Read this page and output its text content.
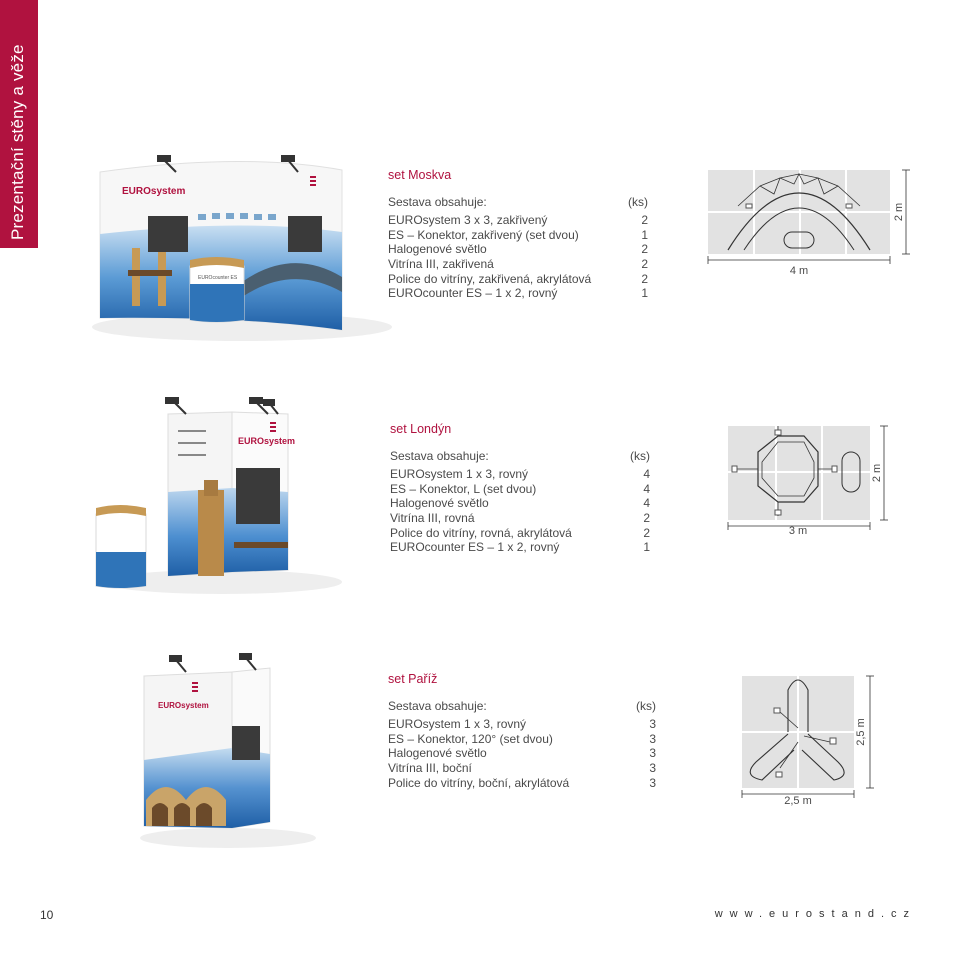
Prezentační stěny a věže	EUROsystem
EUROcounter ES
set Moskva
Sestava obsahuje:	(ks)
EUROsystem 3 x 3, zakřivený	2
ES – Konektor, zakřivený (set dvou)	1
Halogenové světlo	2
Vitrína III, zakřivená	2
Police do vitríny, zakřivená, akrylátová	2
EUROcounter ES – 1 x 2, rovný	1
4 m
2 m
EUROsystem
set Londýn
Sestava obsahuje:	(ks)
EUROsystem 1 x 3, rovný	4
ES – Konektor, L (set dvou)	4
Halogenové světlo	4
Vitrína III, rovná	2
Police do vitríny, rovná, akrylátová	2
EUROcounter ES – 1 x 2, rovný	1
3 m
2 m
EUROsystem
set Paříž
Sestava obsahuje:	(ks)
EUROsystem 1 x 3, rovný	3
ES – Konektor, 120° (set dvou)	3
Halogenové světlo	3
Vitrína III, boční	3
Police do vitríny, boční, akrylátová	3
2,5 m
2,5 m
10	www.eurostand.cz
